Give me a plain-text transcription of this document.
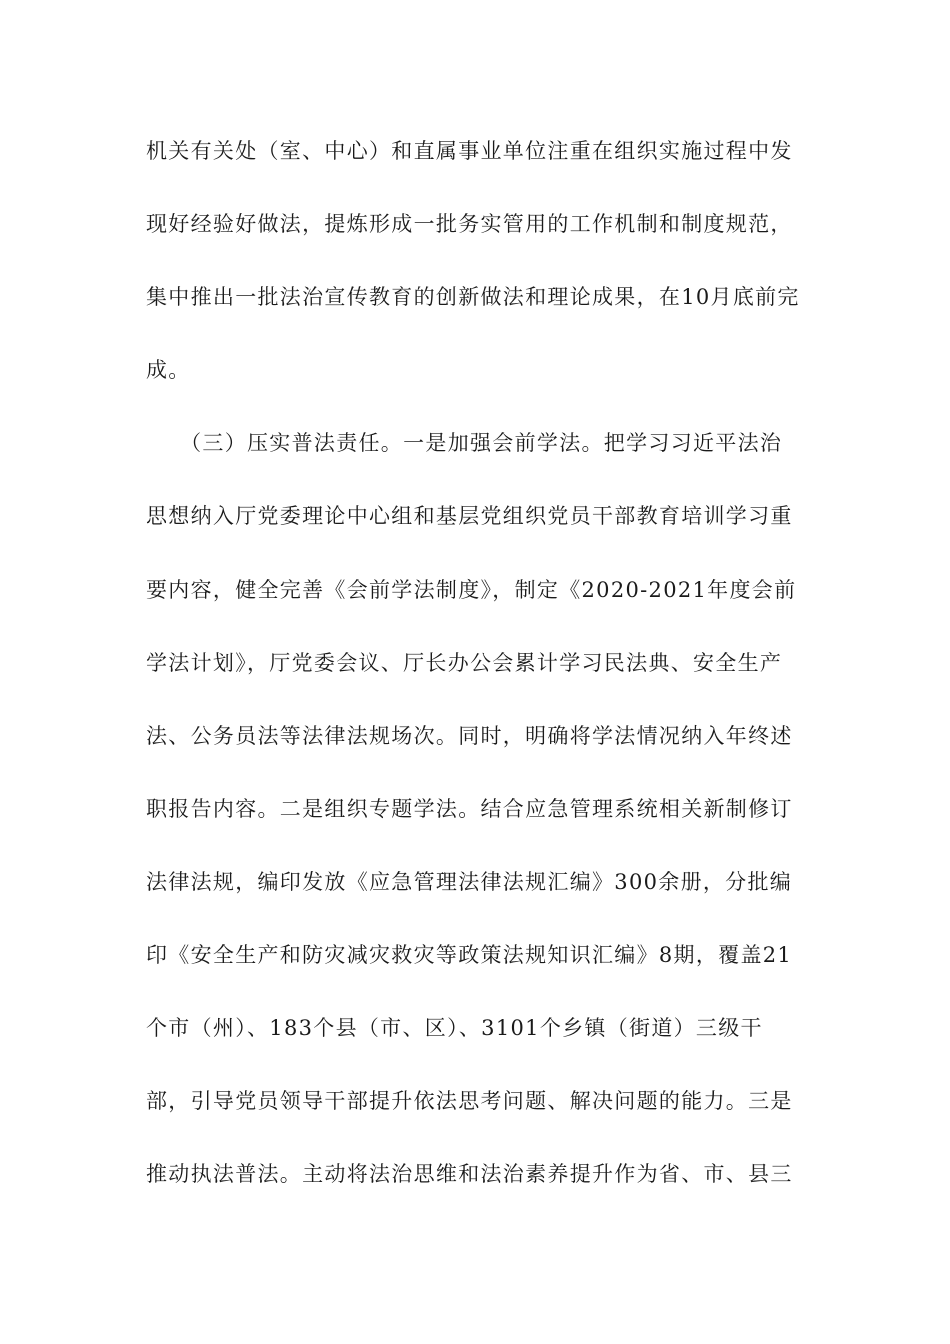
机关有关处（室、中心）和直属事业单位注重在组织实施过程中发
现好经验好做法，提炼形成一批务实管用的工作机制和制度规范，
集中推出一批法治宣传教育的创新做法和理论成果，在10月底前完
成。
　　（三）压实普法责任。一是加强会前学法。把学习习近平法治
思想纳入厅党委理论中心组和基层党组织党员干部教育培训学习重
要内容，健全完善《会前学法制度》，制定《2020-2021年度会前
学法计划》，厅党委会议、厅长办公会累计学习民法典、安全生产
法、公务员法等法律法规场次。同时，明确将学法情况纳入年终述
职报告内容。二是组织专题学法。结合应急管理系统相关新制修订
法律法规，编印发放《应急管理法律法规汇编》300余册，分批编
印《安全生产和防灾减灾救灾等政策法规知识汇编》8期，覆盖21
个市（州）、183个县（市、区）、3101个乡镇（街道）三级干
部，引导党员领导干部提升依法思考问题、解决问题的能力。三是
推动执法普法。主动将法治思维和法治素养提升作为省、市、县三
